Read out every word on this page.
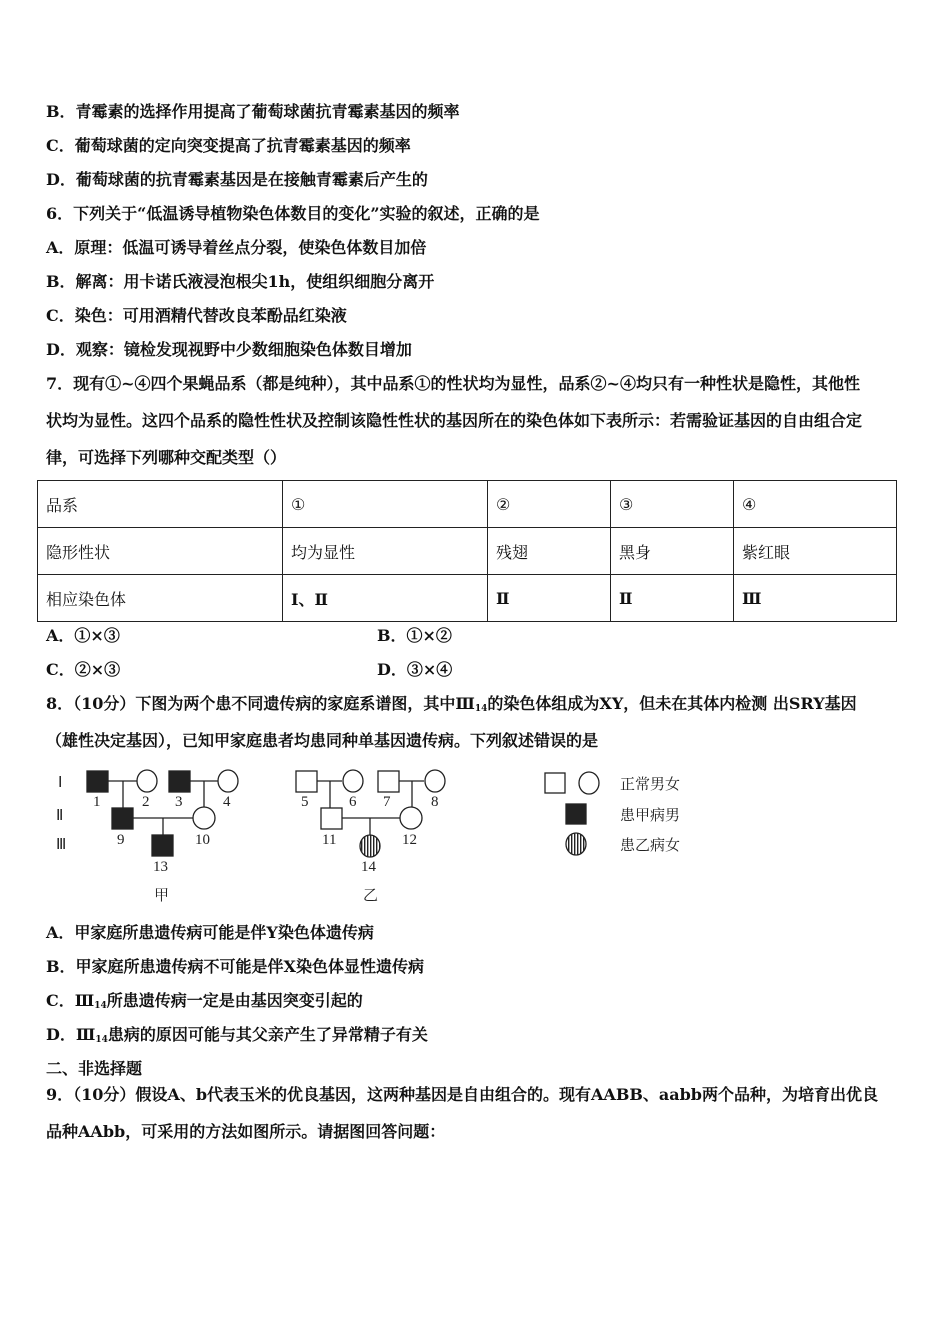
B．青霉素的选择作用提高了葡萄球菌抗青霉素基因的频率
C．葡萄球菌的定向突变提高了抗青霉素基因的频率
D．葡萄球菌的抗青霉素基因是在接触青霉素后产生的
6．下列关于“低温诱导植物染色体数目的变化”实验的叙述，正确的是
A．原理：低温可诱导着丝点分裂，使染色体数目加倍
B．解离：用卡诺氏液浸泡根尖1h，使组织细胞分离开
C．染色：可用酒精代替改良苯酚品红染液
D．观察：镜检发现视野中少数细胞染色体数目增加
7．现有①~④四个果蝇品系（都是纯种），其中品系①的性状均为显性，品系②~④均只有一种性状是隐性，其他性
状均为显性。这四个品系的隐性性状及控制该隐性性状的基因所在的染色体如下表所示：若需验证基因的自由组合定
律，可选择下列哪种交配类型（）
品系	①	②	③	④
隐形性状	均为显性	残翅	黑身	紫红眼
相应染色体	Ⅰ、Ⅱ	Ⅱ	Ⅱ	Ⅲ
A．①×③	B．①×②
C．②×③	D．③×④
8．（10分）下图为两个患不同遗传病的家庭系谱图，其中$Ⅲ_{14}$的染色体组成为XY，但未在其体内检测 出SRY基因
（雄性决定基因），已知甲家庭患者均患同种单基因遗传病。下列叙述错误的是
Ⅰ
Ⅱ
Ⅲ
1	2 3	4
9	10
13
5	6 7	8
11	12
14
甲	乙
正常男女
患甲病男
患乙病女
A．甲家庭所患遗传病可能是伴Y染色体遗传病
B．甲家庭所患遗传病不可能是伴X染色体显性遗传病
C．$Ⅲ_{14}$所患遗传病一定是由基因突变引起的
D．$Ⅲ_{14}$患病的原因可能与其父亲产生了异常精子有关
二、非选择题
9．（10分）假设A、b代表玉米的优良基因，这两种基因是自由组合的。现有AABB、aabb两个品种，为培育出优良
品种AAbb，可采用的方法如图所示。请据图回答问题：
